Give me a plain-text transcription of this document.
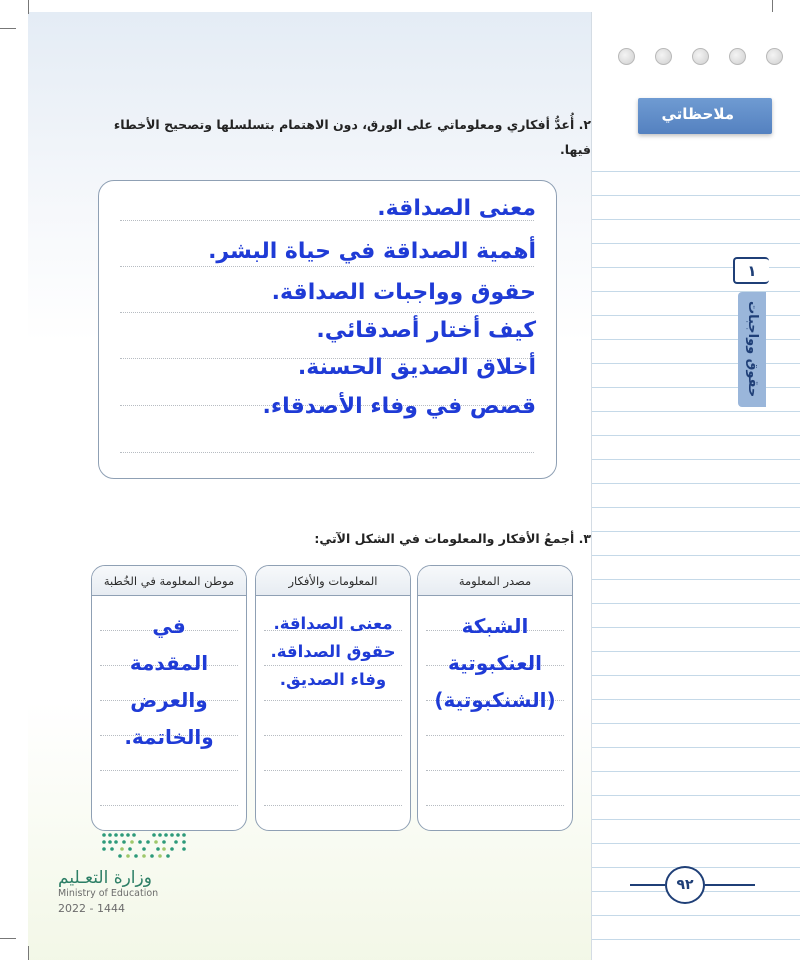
ملاحظاتي
١
حقوق وواجبات
٢. أُعدُّ أفكاري ومعلوماتي على الورق، دون الاهتمام بتسلسلها وتصحيح الأخطاء فيها.
معنى الصداقة.
أهمية الصداقة في حياة البشر.
حقوق وواجبات الصداقة.
كيف أختار أصدقائي.
أخلاق الصديق الحسنة.
قصص في وفاء الأصدقاء.
٣. أجمعُ الأفكار والمعلومات في الشكل الآتي:
مصدر المعلومة
الشبكة
العنكبوتية
(الشنكبوتية)
المعلومات والأفكار
معنى الصداقة.
حقوق الصداقة.
وفاء الصديق.
موطن المعلومة في الخُطبة
في
المقدمة
والعرض
والخاتمة.
وزارة التعـليم
Ministry of Education
2022 - 1444
٩٢
